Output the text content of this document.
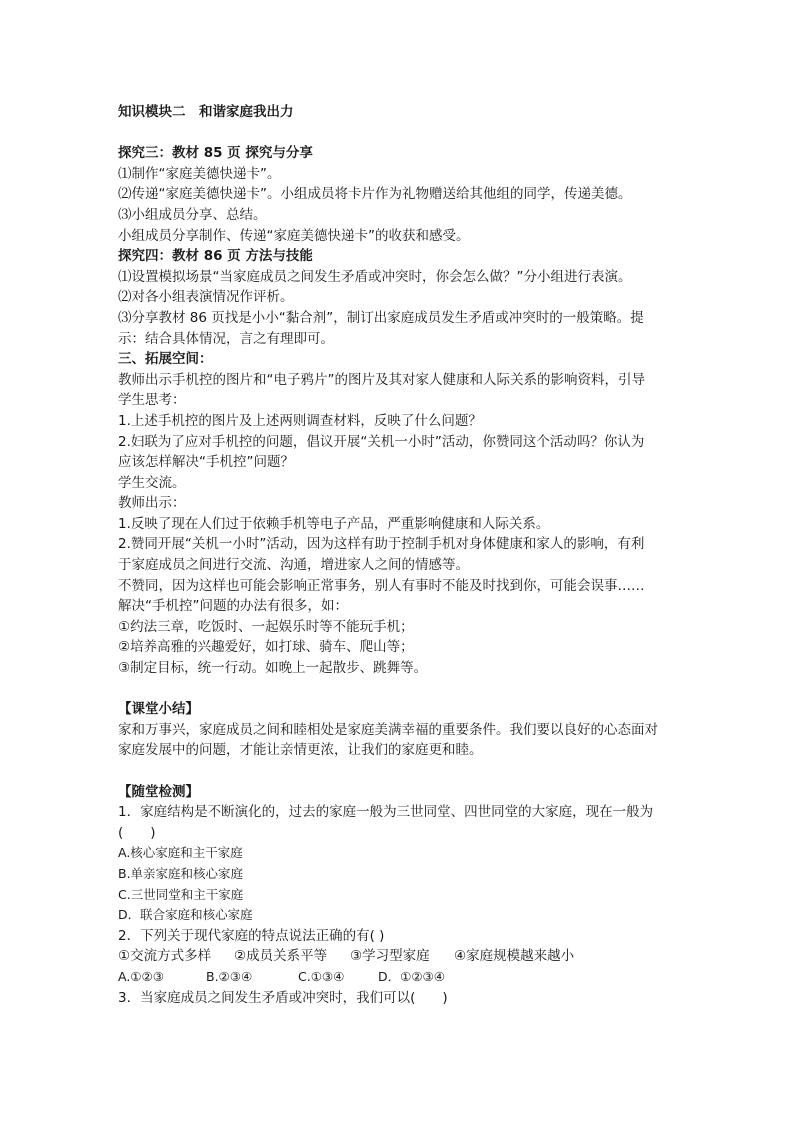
知识模块二　和谐家庭我出力
探究三：教材 85 页 探究与分享
⑴制作“家庭美德快递卡”。
⑵传递“家庭美德快递卡”。小组成员将卡片作为礼物赠送给其他组的同学，传递美德。
⑶小组成员分享、总结。
小组成员分享制作、传递“家庭美德快递卡”的收获和感受。
探究四：教材 86 页 方法与技能
⑴设置模拟场景“当家庭成员之间发生矛盾或冲突时，你会怎么做？”分小组进行表演。
⑵对各小组表演情况作评析。
⑶分享教材 86 页找是小小“黏合剂”，制订出家庭成员发生矛盾或冲突时的一般策略。提
示：结合具体情况，言之有理即可。
三、拓展空间：
教师出示手机控的图片和“电子鸦片”的图片及其对家人健康和人际关系的影响资料，引导
学生思考：
1.上述手机控的图片及上述两则调查材料，反映了什么问题？
2.妇联为了应对手机控的问题，倡议开展“关机一小时”活动，你赞同这个活动吗？你认为
应该怎样解决“手机控”问题？
学生交流。
教师出示：
1.反映了现在人们过于依赖手机等电子产品，严重影响健康和人际关系。
2.赞同开展“关机一小时”活动，因为这样有助于控制手机对身体健康和家人的影响，有利
于家庭成员之间进行交流、沟通，增进家人之间的情感等。
不赞同，因为这样也可能会影响正常事务，别人有事时不能及时找到你，可能会误事……
解决“手机控”问题的办法有很多，如：
①约法三章，吃饭时、一起娱乐时等不能玩手机；
②培养高雅的兴趣爱好，如打球、骑车、爬山等；
③制定目标，统一行动。如晚上一起散步、跳舞等。
【课堂小结】
家和万事兴，家庭成员之间和睦相处是家庭美满幸福的重要条件。我们要以良好的心态面对
家庭发展中的问题，才能让亲情更浓，让我们的家庭更和睦。
【随堂检测】
1．家庭结构是不断演化的，过去的家庭一般为三世同堂、四世同堂的大家庭，现在一般为
(　　)
A.核心家庭和主干家庭
B.单亲家庭和核心家庭
C.三世同堂和主干家庭
D．联合家庭和核心家庭
2．下列关于现代家庭的特点说法正确的有( )
①交流方式多样 ②成员关系平等 ③学习型家庭 ④家庭规模越来越小
A.①②③	B.②③④	C.①③④	D．①②③④
3．当家庭成员之间发生矛盾或冲突时，我们可以(　　)
